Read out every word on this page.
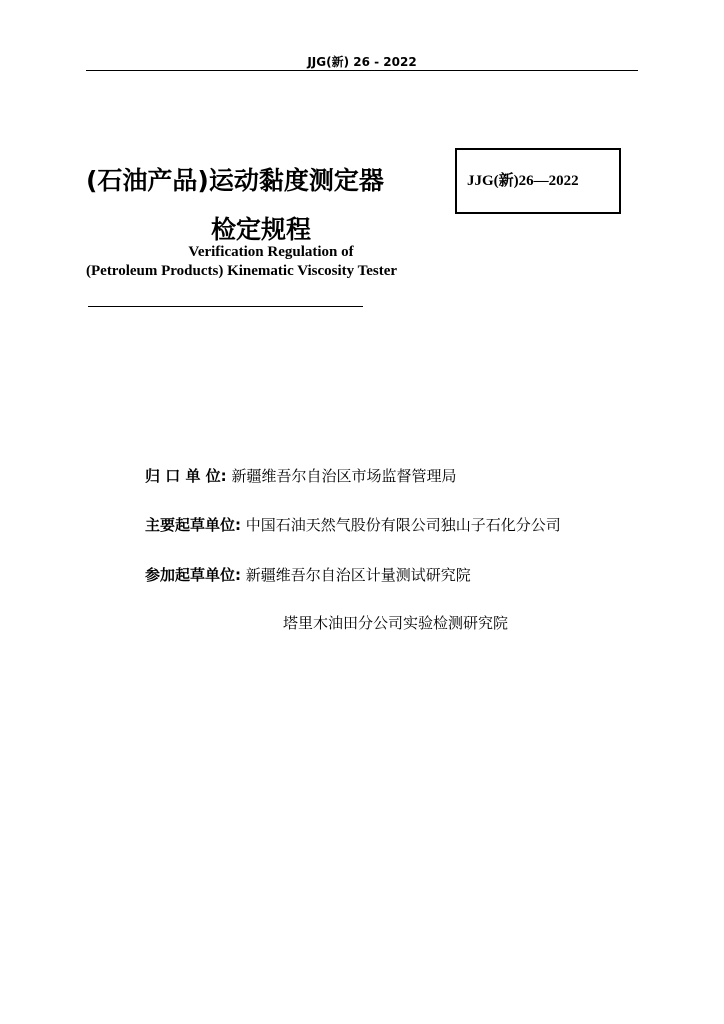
JJG(新) 26 - 2022
(石油产品)运动黏度测定器
检定规程
JJG(新)26—2022
Verification Regulation of
(Petroleum Products) Kinematic Viscosity Tester
归 口 单 位: 新疆维吾尔自治区市场监督管理局
主要起草单位: 中国石油天然气股份有限公司独山子石化分公司
参加起草单位: 新疆维吾尔自治区计量测试研究院
塔里木油田分公司实验检测研究院
